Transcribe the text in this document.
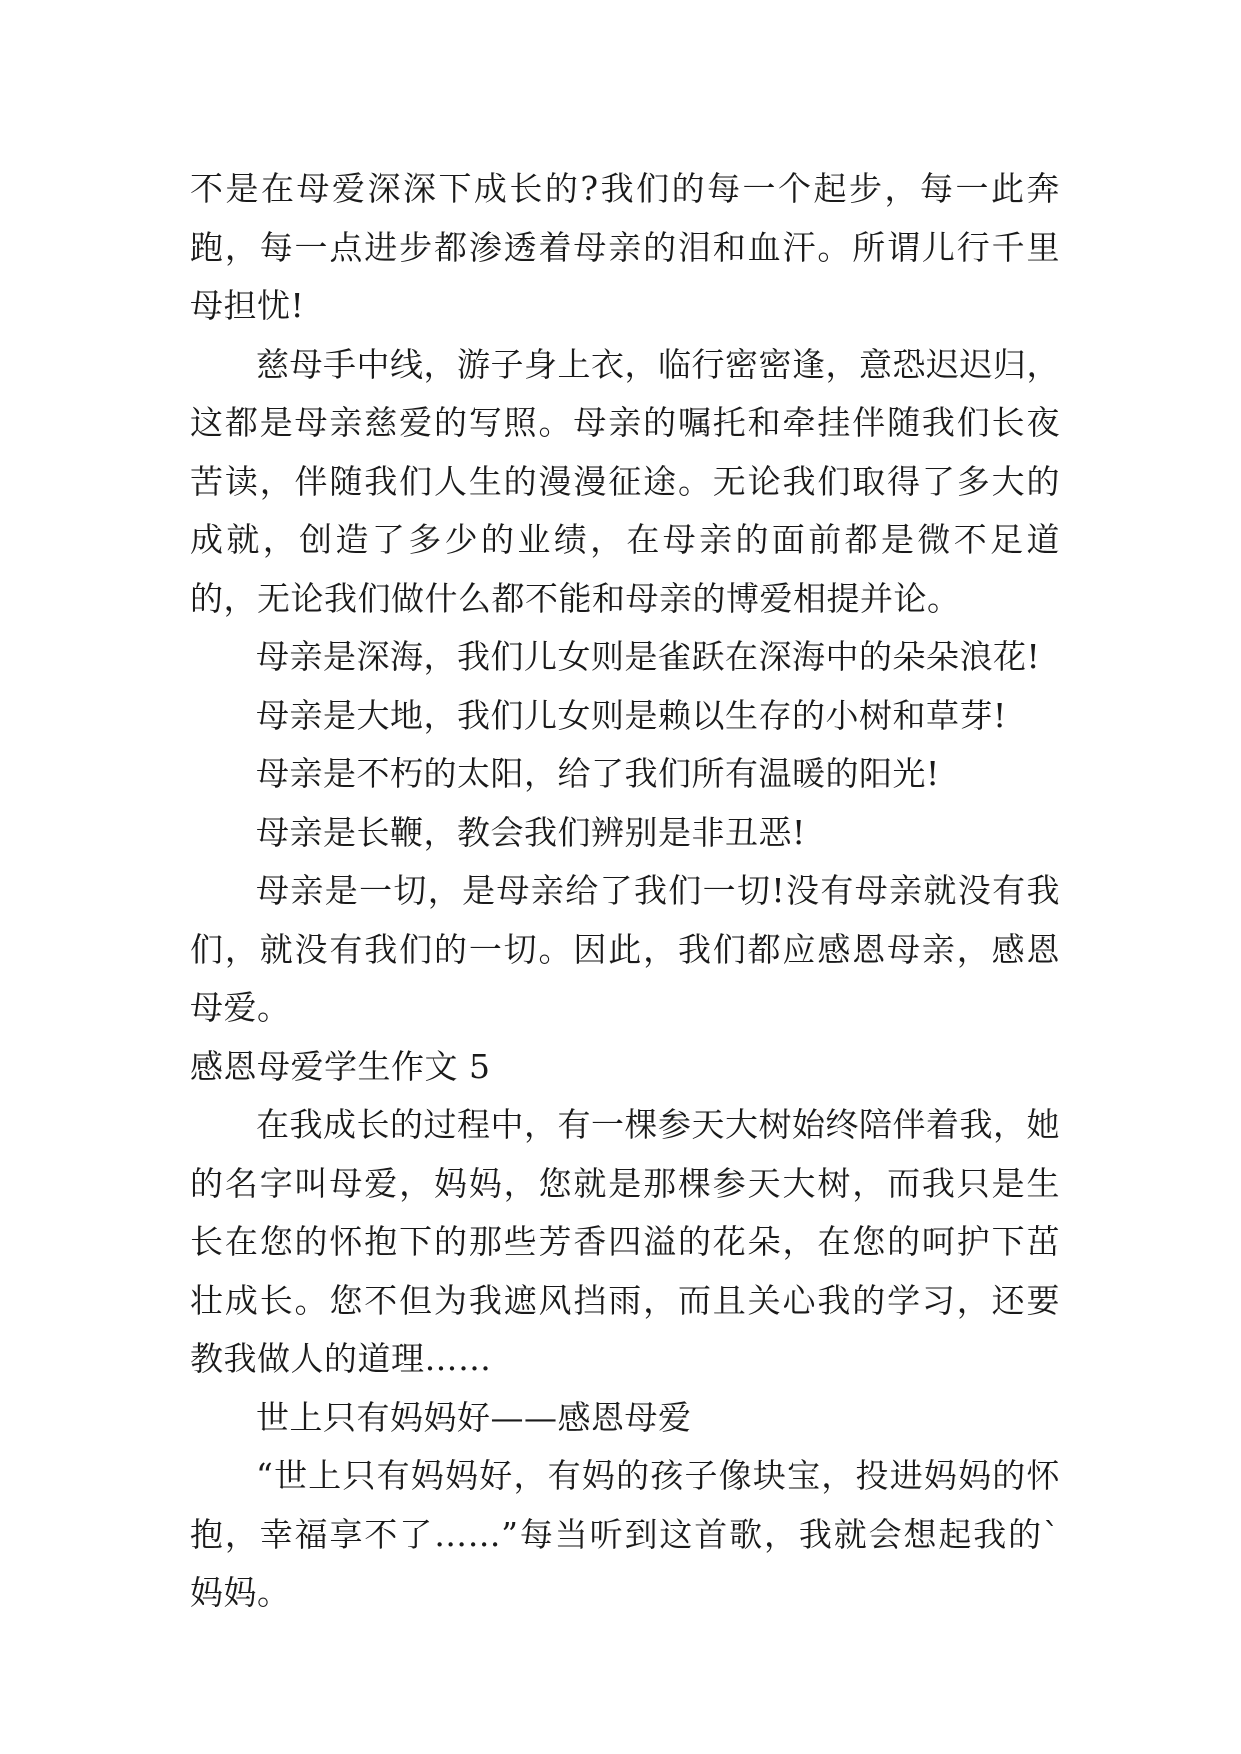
不是在母爱深深下成长的?我们的每一个起步，每一此奔跑，每一点进步都渗透着母亲的泪和血汗。所谓儿行千里母担忧!

慈母手中线，游子身上衣，临行密密逢，意恐迟迟归，这都是母亲慈爱的写照。母亲的嘱托和牵挂伴随我们长夜苦读，伴随我们人生的漫漫征途。无论我们取得了多大的成就，创造了多少的业绩，在母亲的面前都是微不足道的，无论我们做什么都不能和母亲的博爱相提并论。

母亲是深海，我们儿女则是雀跃在深海中的朵朵浪花!

母亲是大地，我们儿女则是赖以生存的小树和草芽!

母亲是不朽的太阳，给了我们所有温暖的阳光!

母亲是长鞭，教会我们辨别是非丑恶!

母亲是一切，是母亲给了我们一切!没有母亲就没有我们，就没有我们的一切。因此，我们都应感恩母亲，感恩母爱。

感恩母爱学生作文 5

在我成长的过程中，有一棵参天大树始终陪伴着我，她的名字叫母爱，妈妈，您就是那棵参天大树，而我只是生长在您的怀抱下的那些芳香四溢的花朵，在您的呵护下茁壮成长。您不但为我遮风挡雨，而且关心我的学习，还要教我做人的道理……

世上只有妈妈好——感恩母爱

“世上只有妈妈好，有妈的孩子像块宝，投进妈妈的怀抱，幸福享不了……”每当听到这首歌，我就会想起我的`妈妈。
